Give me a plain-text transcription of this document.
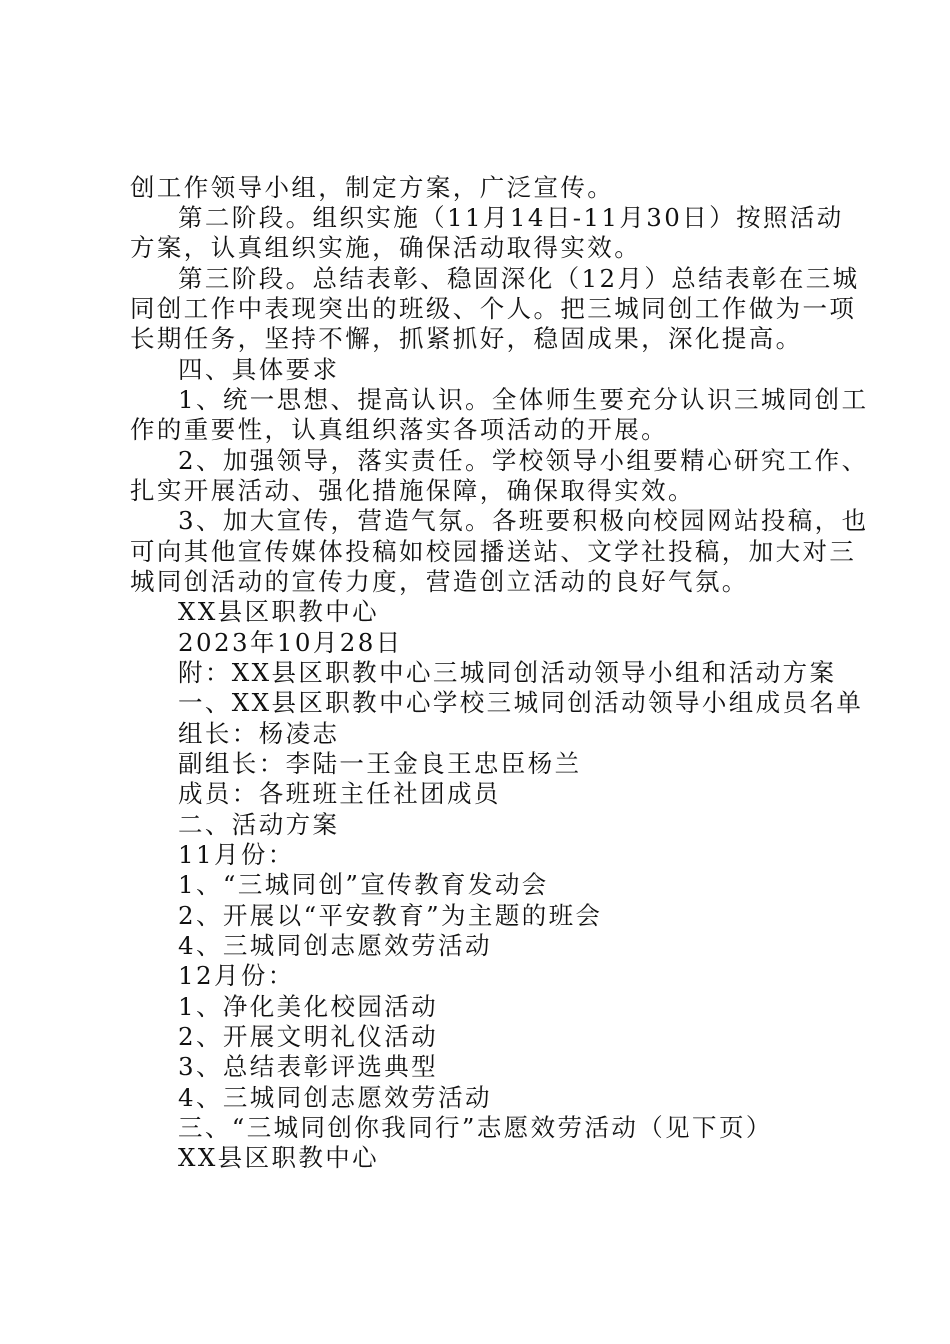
创工作领导小组，制定方案，广泛宣传。
第二阶段。组织实施（11月14日-11月30日）按照活动
方案，认真组织实施，确保活动取得实效。
第三阶段。总结表彰、稳固深化（12月）总结表彰在三城
同创工作中表现突出的班级、个人。把三城同创工作做为一项
长期任务，坚持不懈，抓紧抓好，稳固成果，深化提高。
四、具体要求
1、统一思想、提高认识。全体师生要充分认识三城同创工
作的重要性，认真组织落实各项活动的开展。
2、加强领导，落实责任。学校领导小组要精心研究工作、
扎实开展活动、强化措施保障，确保取得实效。
3、加大宣传，营造气氛。各班要积极向校园网站投稿，也
可向其他宣传媒体投稿如校园播送站、文学社投稿，加大对三
城同创活动的宣传力度，营造创立活动的良好气氛。
XX县区职教中心
2023年10月28日
附：XX县区职教中心三城同创活动领导小组和活动方案
一、XX县区职教中心学校三城同创活动领导小组成员名单
组长：杨凌志
副组长：李陆一王金良王忠臣杨兰
成员：各班班主任社团成员
二、活动方案
11月份：
1、“三城同创”宣传教育发动会
2、开展以“平安教育”为主题的班会
4、三城同创志愿效劳活动
12月份：
1、净化美化校园活动
2、开展文明礼仪活动
3、总结表彰评选典型
4、三城同创志愿效劳活动
三、“三城同创你我同行”志愿效劳活动（见下页）
XX县区职教中心
